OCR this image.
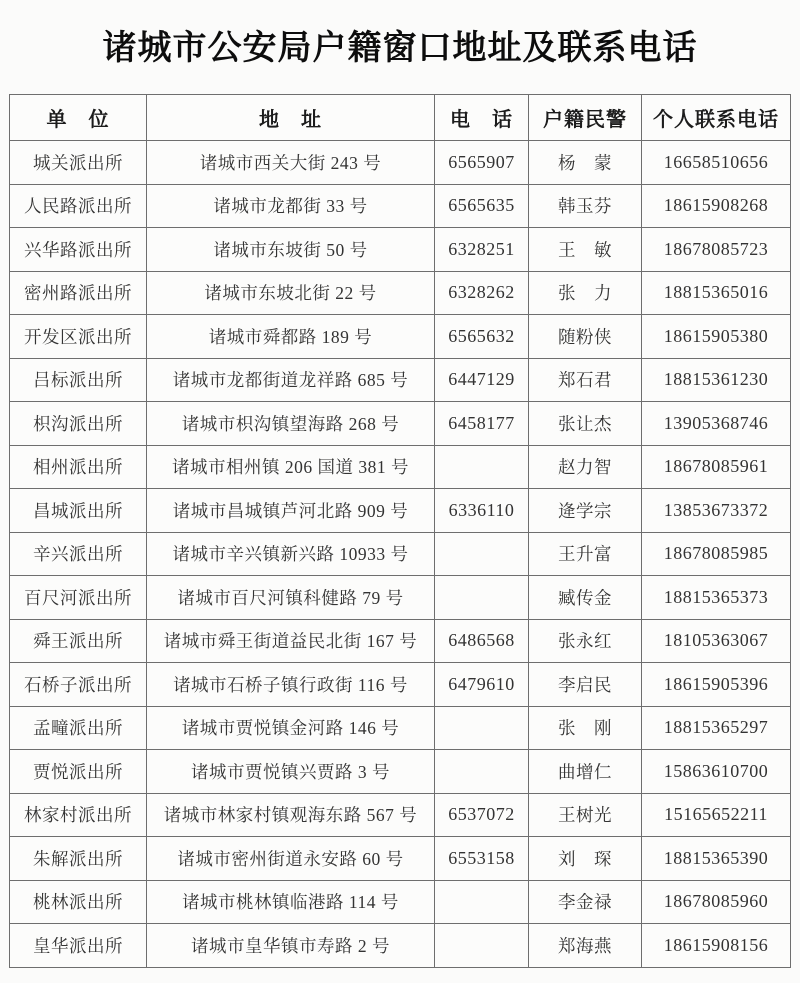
诸城市公安局户籍窗口地址及联系电话
单　位	地　址	电　话	户籍民警	个人联系电话
城关派出所	诸城市西关大街 243 号	6565907	杨　蒙	16658510656
人民路派出所	诸城市龙都街 33 号	6565635	韩玉芬	18615908268
兴华路派出所	诸城市东坡街 50 号	6328251	王　敏	18678085723
密州路派出所	诸城市东坡北街 22 号	6328262	张　力	18815365016
开发区派出所	诸城市舜都路 189 号	6565632	随粉侠	18615905380
吕标派出所	诸城市龙都街道龙祥路 685 号	6447129	郑石君	18815361230
枳沟派出所	诸城市枳沟镇望海路 268 号	6458177	张让杰	13905368746
相州派出所	诸城市相州镇 206 国道 381 号		赵力智	18678085961
昌城派出所	诸城市昌城镇芦河北路 909 号	6336110	逄学宗	13853673372
辛兴派出所	诸城市辛兴镇新兴路 10933 号		王升富	18678085985
百尺河派出所	诸城市百尺河镇科健路 79 号		臧传金	18815365373
舜王派出所	诸城市舜王街道益民北街 167 号	6486568	张永红	18105363067
石桥子派出所	诸城市石桥子镇行政街 116 号	6479610	李启民	18615905396
孟疃派出所	诸城市贾悦镇金河路 146 号		张　刚	18815365297
贾悦派出所	诸城市贾悦镇兴贾路 3 号		曲增仁	15863610700
林家村派出所	诸城市林家村镇观海东路 567 号	6537072	王树光	15165652211
朱解派出所	诸城市密州街道永安路 60 号	6553158	刘　琛	18815365390
桃林派出所	诸城市桃林镇临港路 114 号		李金禄	18678085960
皇华派出所	诸城市皇华镇市寿路 2 号		郑海燕	18615908156
